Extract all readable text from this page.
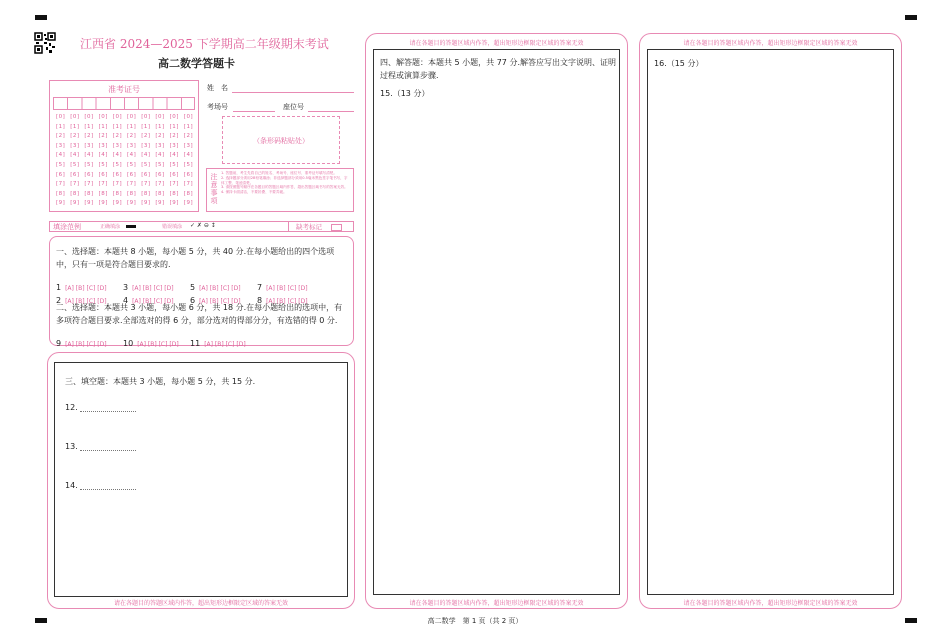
江西省 2024—2025 下学期高二年级期末考试
高二数学答题卡
准考证号
[0] [0] [0] [0] [0] [0] [0] [0] [0] [0]
[1] [1] [1] [1] [1] [1] [1] [1] [1] [1]
[2] [2] [2] [2] [2] [2] [2] [2] [2] [2]
[3] [3] [3] [3] [3] [3] [3] [3] [3] [3]
[4] [4] [4] [4] [4] [4] [4] [4] [4] [4]
[5] [5] [5] [5] [5] [5] [5] [5] [5] [5]
[6] [6] [6] [6] [6] [6] [6] [6] [6] [6]
[7] [7] [7] [7] [7] [7] [7] [7] [7] [7]
[8] [8] [8] [8] [8] [8] [8] [8] [8] [8]
[9] [9] [9] [9] [9] [9] [9] [9] [9] [9]
姓　名
考场号	座位号
（条形码粘贴处）
注意事项
1. 答题前，考生先将自己的姓名、考场号、座位号、准考证号填写清楚。
2. 选择题部分须用2B铅笔填涂；非选择题部分须用0.5毫米黑色签字笔书写，字体工整、笔迹清楚。
3. 请按照题号顺序在各题目的答题区域内作答，超出答题区域书写的答案无效。
4. 保持卡面清洁，不要折叠、不要弄破。
填涂范例	正确填涂	错误填涂 ✓ ✗ ⊖ ↕	缺考标记
一、选择题：本题共 8 小题，每小题 5 分，共 40 分.在每小题给出的四个选项中，只有一项是符合题目要求的.
1 [A] [B] [C] [D] 3 [A] [B] [C] [D] 5 [A] [B] [C] [D] 7 [A] [B] [C] [D]
2 [A] [B] [C] [D] 4 [A] [B] [C] [D] 6 [A] [B] [C] [D] 8 [A] [B] [C] [D]
二、选择题：本题共 3 小题，每小题 6 分，共 18 分.在每小题给出的选项中，有多项符合题目要求.全部选对的得 6 分，部分选对的得部分分，有选错的得 0 分.
9 [A] [B] [C] [D] 10 [A] [B] [C] [D] 11 [A] [B] [C] [D]
三、填空题：本题共 3 小题，每小题 5 分，共 15 分.
12.
13.
14.
请在各题目的答题区域内作答，超出矩形边框限定区域的答案无效
请在各题目的答题区域内作答，超出矩形边框限定区域的答案无效
四、解答题：本题共 5 小题，共 77 分.解答应写出文字说明、证明过程或演算步骤.
15.（13 分）
请在各题目的答题区域内作答，超出矩形边框限定区域的答案无效
请在各题目的答题区域内作答，超出矩形边框限定区域的答案无效
16.（15 分）
请在各题目的答题区域内作答，超出矩形边框限定区域的答案无效
高二数学　第 1 页（共 2 页）
